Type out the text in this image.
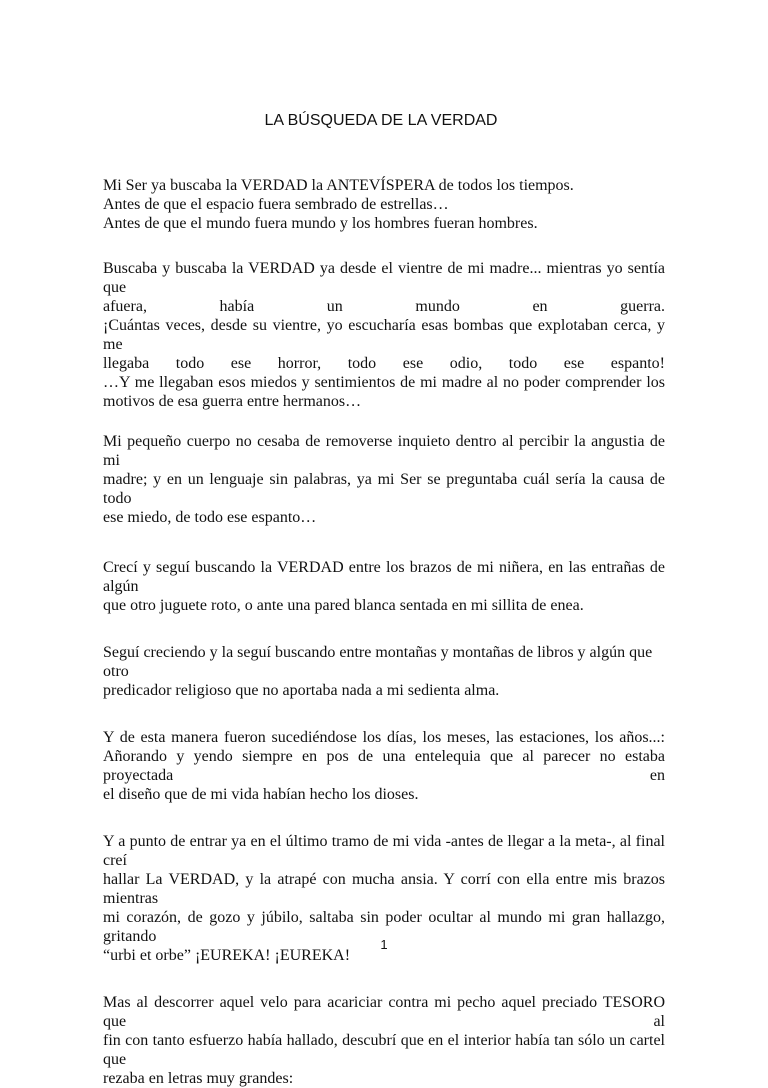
LA BÚSQUEDA DE LA VERDAD
Mi Ser ya buscaba la VERDAD la ANTEVÍSPERA de todos los tiempos.
Antes de que el espacio fuera sembrado de estrellas…
Antes de que el mundo fuera mundo y los hombres fueran hombres.
Buscaba y buscaba la VERDAD ya desde el vientre de mi madre... mientras yo sentía que
afuera, había un mundo en guerra.
¡Cuántas veces, desde su vientre, yo escucharía esas bombas que explotaban cerca, y me
llegaba todo ese horror, todo ese odio, todo ese espanto!
…Y me llegaban esos miedos y sentimientos de mi madre al no poder comprender los
motivos de esa guerra entre hermanos…
Mi pequeño cuerpo no cesaba de removerse inquieto dentro al percibir la angustia de mi
madre; y en un lenguaje sin palabras, ya mi Ser se preguntaba cuál sería la causa de todo
ese miedo, de todo ese espanto…
Crecí y seguí buscando la VERDAD entre los brazos de mi niñera, en las entrañas de algún
que otro juguete roto, o ante una pared blanca sentada en mi sillita de enea.
Seguí creciendo y la seguí buscando entre montañas y montañas de libros y algún que otro
predicador religioso que no aportaba nada a mi sedienta alma.
Y de esta manera fueron sucediéndose los días, los meses, las estaciones, los años...:
Añorando y yendo siempre en pos de una entelequia que al parecer no estaba proyectada en
el diseño que de mi vida habían hecho los dioses.
Y a punto de entrar ya en el último tramo de mi vida -antes de llegar a la meta-, al final creí
hallar La VERDAD, y la atrapé con mucha ansia. Y corrí con ella entre mis brazos mientras
mi corazón, de gozo y júbilo, saltaba sin poder ocultar al mundo mi gran hallazgo, gritando
“urbi et orbe” ¡EUREKA! ¡EUREKA!
Mas al descorrer aquel velo para acariciar contra mi pecho aquel preciado TESORO que al
fin con tanto esfuerzo había hallado, descubrí que en el interior había tan sólo un cartel que
rezaba en letras muy grandes:
1
